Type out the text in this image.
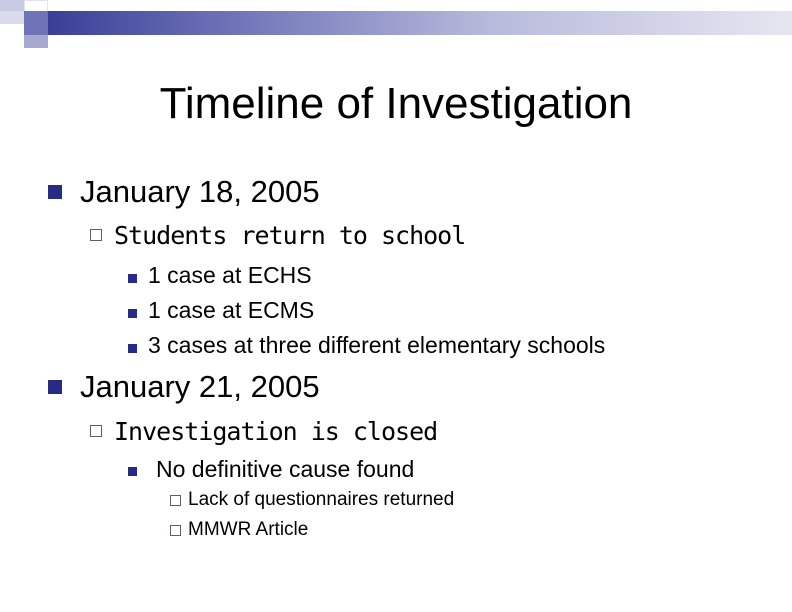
Timeline of Investigation
January 18, 2005
Students return to school
1 case at ECHS
1 case at ECMS
3 cases at three different elementary schools
January 21, 2005
Investigation is closed
No definitive cause found
Lack of questionnaires returned
MMWR Article
